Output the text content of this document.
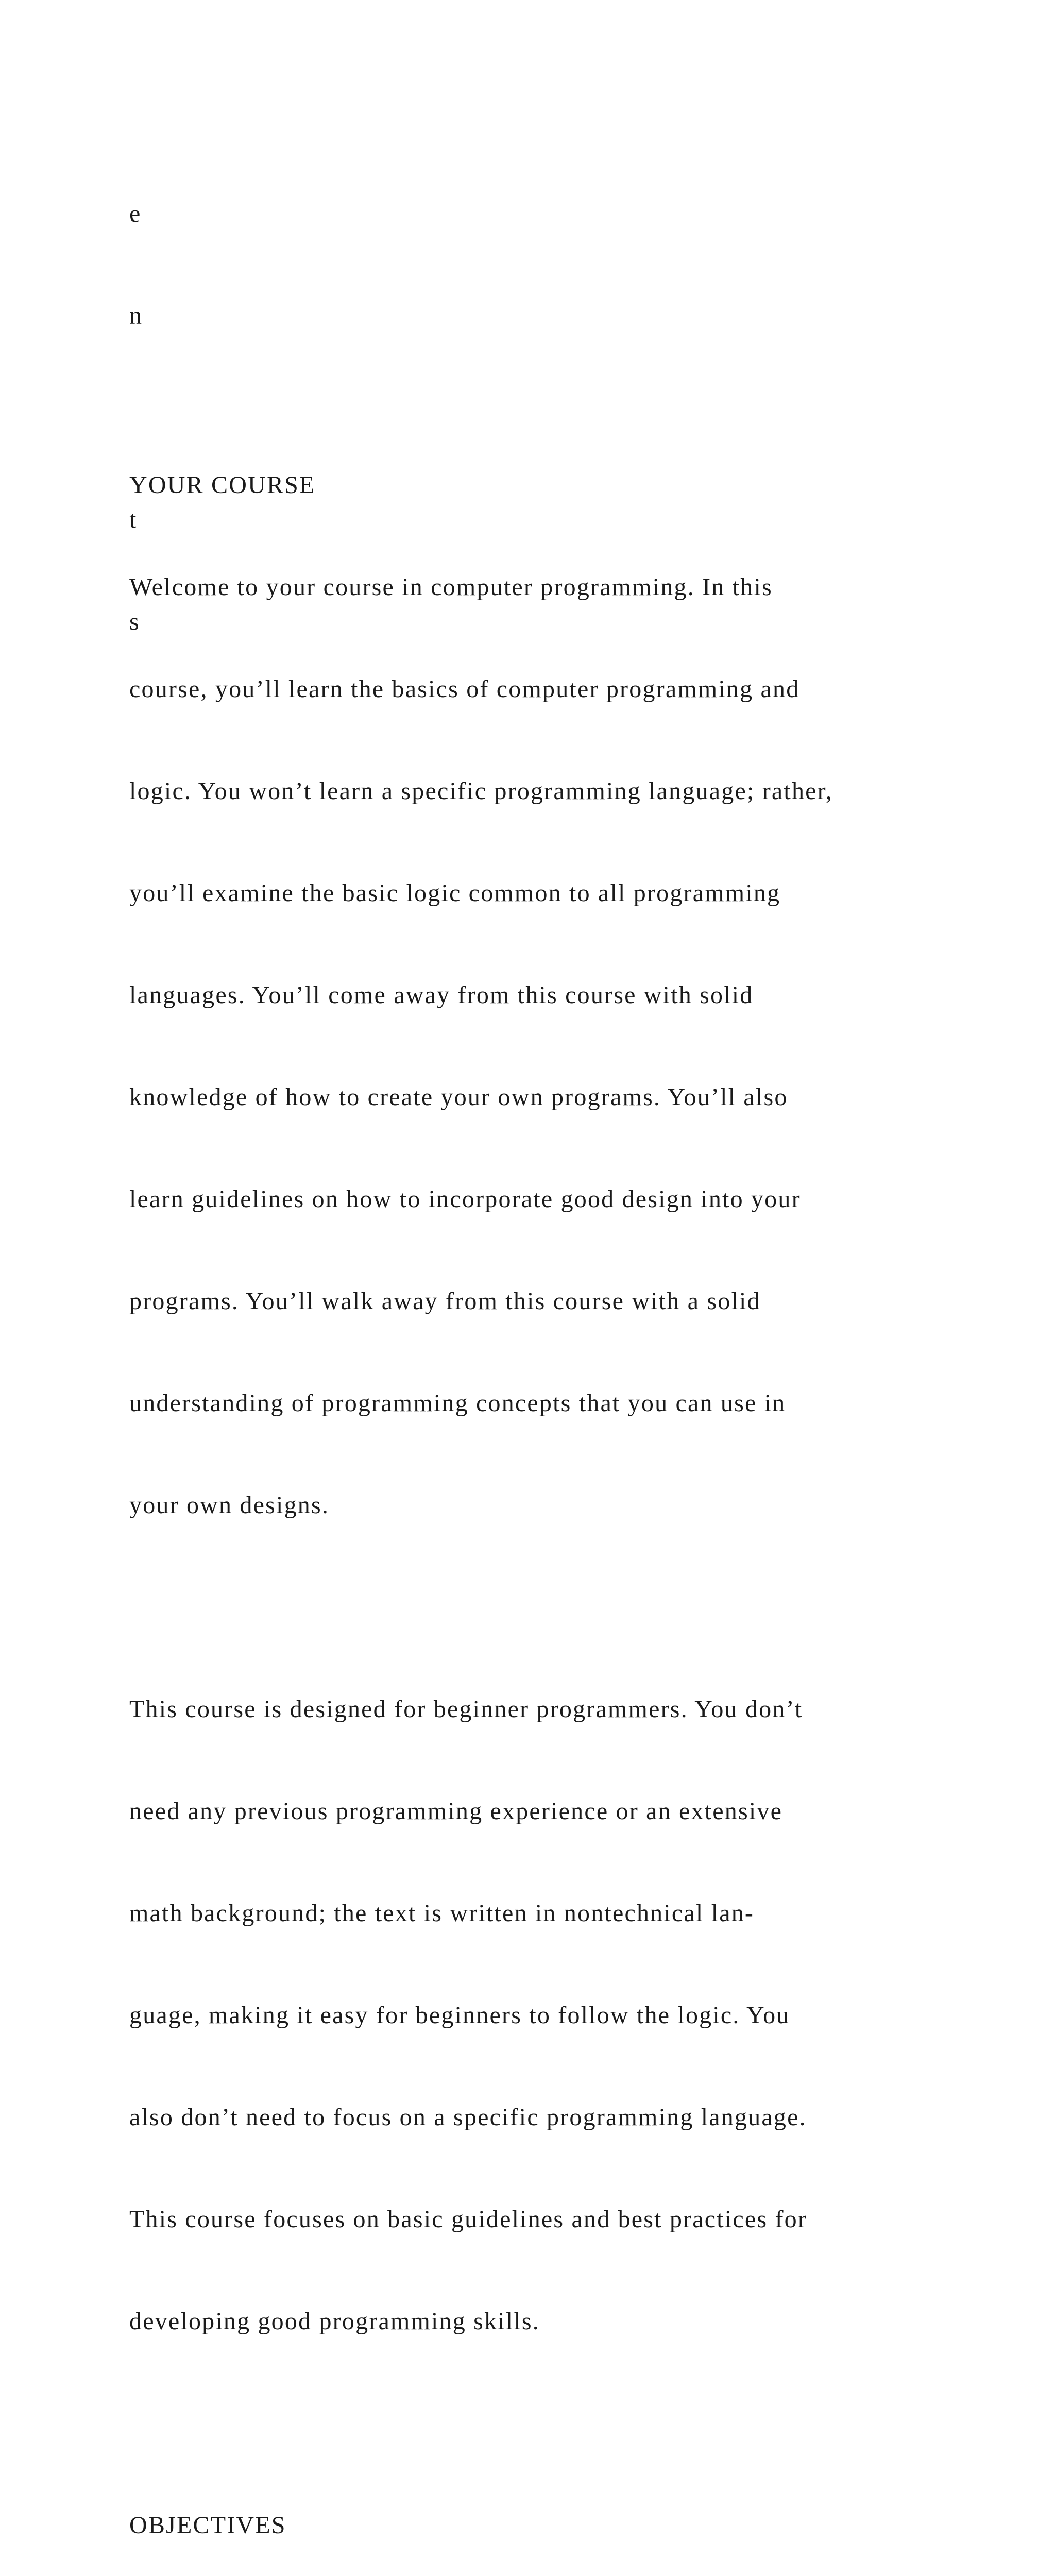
e

n

t

s

YOUR COURSE

Welcome to your course in computer programming. In this

course, you’ll learn the basics of computer programming and

logic. You won’t learn a specific programming language; rather,

you’ll examine the basic logic common to all programming

languages. You’ll come away from this course with solid

knowledge of how to create your own programs. You’ll also

learn guidelines on how to incorporate good design into your

programs. You’ll walk away from this course with a solid

understanding of programming concepts that you can use in

your own designs.

This course is designed for beginner programmers. You don’t

need any previous programming experience or an extensive

math background; the text is written in nontechnical lan-

guage, making it easy for beginners to follow the logic. You

also don’t need to focus on a specific programming language.

This course focuses on basic guidelines and best practices for

developing good programming skills.

OBJECTIVES
